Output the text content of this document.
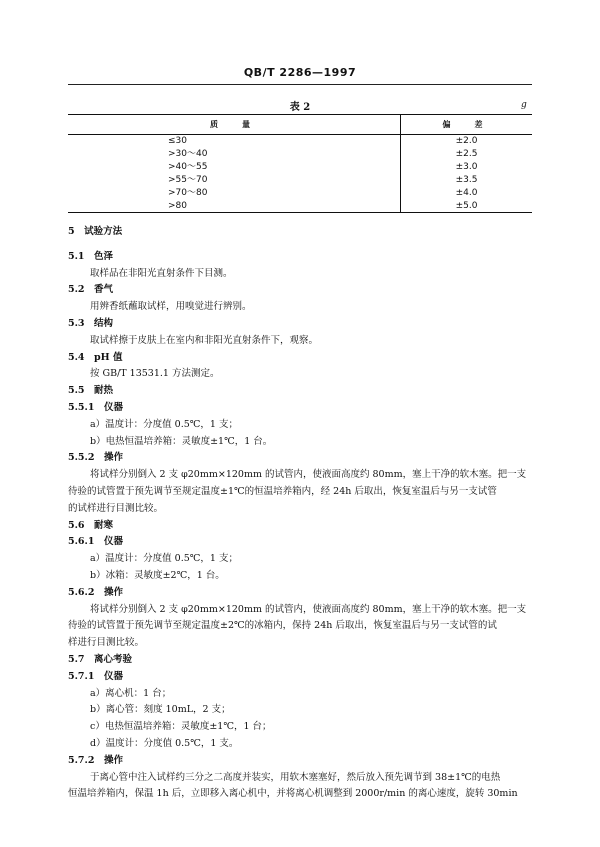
QB/T 2286—1997
表 2	g
质　量	偏　差
≤30	±2.0
>30～40	±2.5
>40～55	±3.0
>55～70	±3.5
>70～80	±4.0
>80	±5.0
5　试验方法
5.1　色泽
取样品在非阳光直射条件下目测。
5.2　香气
用辨香纸蘸取试样，用嗅觉进行辨别。
5.3　结构
取试样擦于皮肤上在室内和非阳光直射条件下，观察。
5.4　pH 值
按 GB/T 13531.1 方法测定。
5.5　耐热
5.5.1　仪器
a）温度计：分度值 0.5℃，1 支；
b）电热恒温培养箱：灵敏度±1℃，1 台。
5.5.2　操作
将试样分别倒入 2 支 φ20mm×120mm 的试管内，使液面高度约 80mm，塞上干净的软木塞。把一支
待验的试管置于预先调节至规定温度±1℃的恒温培养箱内，经 24h 后取出，恢复室温后与另一支试管
的试样进行目测比较。
5.6　耐寒
5.6.1　仪器
a）温度计：分度值 0.5℃，1 支；
b）冰箱：灵敏度±2℃，1 台。
5.6.2　操作
将试样分别倒入 2 支 φ20mm×120mm 的试管内，使液面高度约 80mm，塞上干净的软木塞。把一支
待验的试管置于预先调节至规定温度±2℃的冰箱内，保持 24h 后取出，恢复室温后与另一支试管的试
样进行目测比较。
5.7　离心考验
5.7.1　仪器
a）离心机：1 台；
b）离心管：刻度 10mL，2 支；
c）电热恒温培养箱：灵敏度±1℃，1 台；
d）温度计：分度值 0.5℃，1 支。
5.7.2　操作
于离心管中注入试样约三分之二高度并装实，用软木塞塞好，然后放入预先调节到 38±1℃的电热
恒温培养箱内，保温 1h 后，立即移入离心机中，并将离心机调整到 2000r/min 的离心速度，旋转 30min
